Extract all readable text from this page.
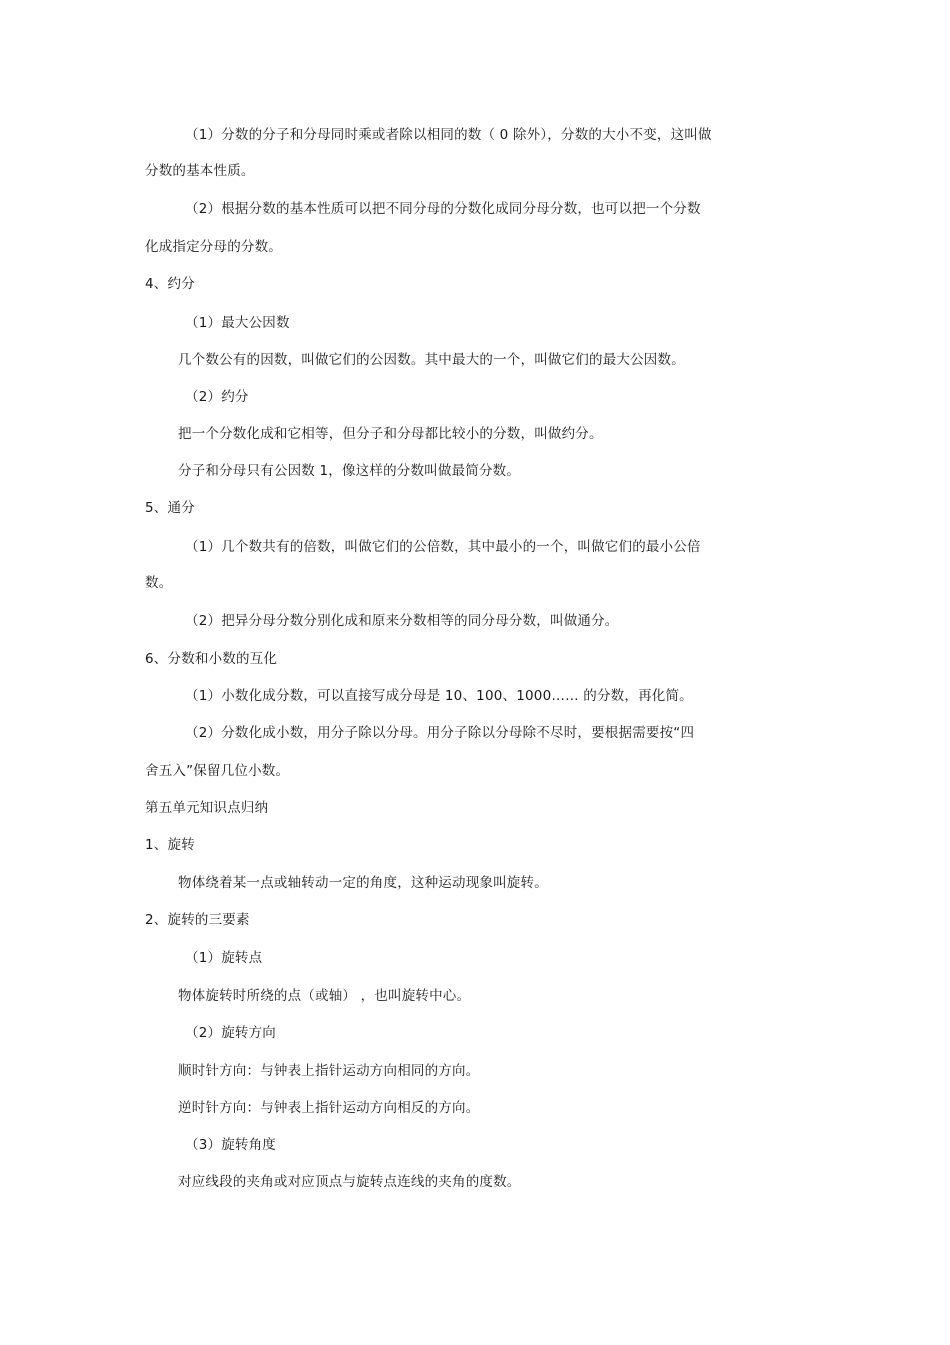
（1）分数的分子和分母同时乘或者除以相同的数（ 0 除外），分数的大小不变，这叫做
分数的基本性质。
（2）根据分数的基本性质可以把不同分母的分数化成同分母分数，也可以把一个分数
化成指定分母的分数。
4、约分
（1）最大公因数
几个数公有的因数，叫做它们的公因数。其中最大的一个，叫做它们的最大公因数。
（2）约分
把一个分数化成和它相等，但分子和分母都比较小的分数，叫做约分。
分子和分母只有公因数 1，像这样的分数叫做最简分数。
5、通分
（1）几个数共有的倍数，叫做它们的公倍数，其中最小的一个，叫做它们的最小公倍
数。
（2）把异分母分数分别化成和原来分数相等的同分母分数，叫做通分。
6、分数和小数的互化
（1）小数化成分数，可以直接写成分母是 10、100、1000…… 的分数，再化简。
（2）分数化成小数，用分子除以分母。用分子除以分母除不尽时，要根据需要按“四
舍五入”保留几位小数。
第五单元知识点归纳
1、旋转
物体绕着某一点或轴转动一定的角度，这种运动现象叫旋转。
2、旋转的三要素
（1）旋转点
物体旋转时所绕的点（或轴） ，也叫旋转中心。
（2）旋转方向
顺时针方向：与钟表上指针运动方向相同的方向。
逆时针方向：与钟表上指针运动方向相反的方向。
（3）旋转角度
对应线段的夹角或对应顶点与旋转点连线的夹角的度数。
